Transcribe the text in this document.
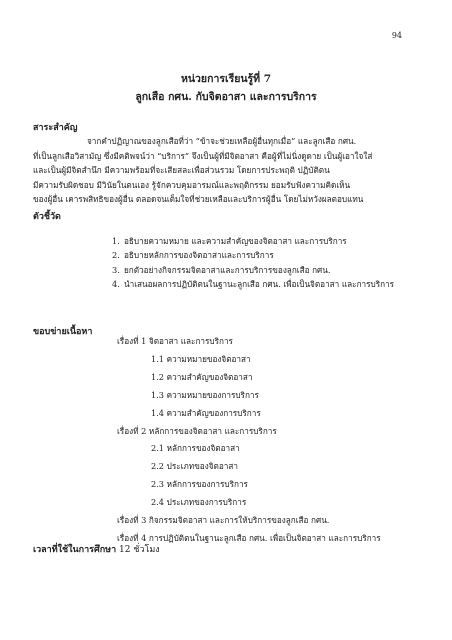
94
หน่วยการเรียนรู้ที่ 7
ลูกเสือ กศน. กับจิตอาสา และการบริการ
สาระสำคัญ
จากคำปฏิญาณของลูกเสือที่ว่า “ข้าจะช่วยเหลือผู้อื่นทุกเมื่อ” และลูกเสือ กศน.
ที่เป็นลูกเสือวิสามัญ ซึ่งมีคติพจน์ว่า “บริการ” จึงเป็นผู้ที่มีจิตอาสา คือผู้ที่ไม่นิ่งดูดาย เป็นผู้เอาใจใส่
และเป็นผู้มีจิตสำนึก มีความพร้อมที่จะเสียสละเพื่อส่วนรวม โดยการประพฤติ ปฏิบัติตน
มีความรับผิดชอบ มีวินัยในตนเอง รู้จักควบคุมอารมณ์และพฤติกรรม ยอมรับฟังความคิดเห็น
ของผู้อื่น เคารพสิทธิของผู้อื่น ตลอดจนเต็มใจที่ช่วยเหลือและบริการผู้อื่น โดยไม่หวังผลตอบแทน
ตัวชี้วัด
1. อธิบายความหมาย และความสำคัญของจิตอาสา และการบริการ
2. อธิบายหลักการของจิตอาสาและการบริการ
3. ยกตัวอย่างกิจกรรมจิตอาสาและการบริการของลูกเสือ กศน.
4. นำเสนอผลการปฏิบัติตนในฐานะลูกเสือ กศน. เพื่อเป็นจิตอาสา และการบริการ
ขอบข่ายเนื้อหา
เรื่องที่ 1 จิตอาสา และการบริการ
1.1 ความหมายของจิตอาสา
1.2 ความสำคัญของจิตอาสา
1.3 ความหมายของการบริการ
1.4 ความสำคัญของการบริการ
เรื่องที่ 2 หลักการของจิตอาสา และการบริการ
2.1 หลักการของจิตอาสา
2.2 ประเภทของจิตอาสา
2.3 หลักการของการบริการ
2.4 ประเภทของการบริการ
เรื่องที่ 3 กิจกรรมจิตอาสา และการให้บริการของลูกเสือ กศน.
เรื่องที่ 4 การปฏิบัติตนในฐานะลูกเสือ กศน. เพื่อเป็นจิตอาสา และการบริการ
เวลาที่ใช้ในการศึกษา 12 ชั่วโมง
